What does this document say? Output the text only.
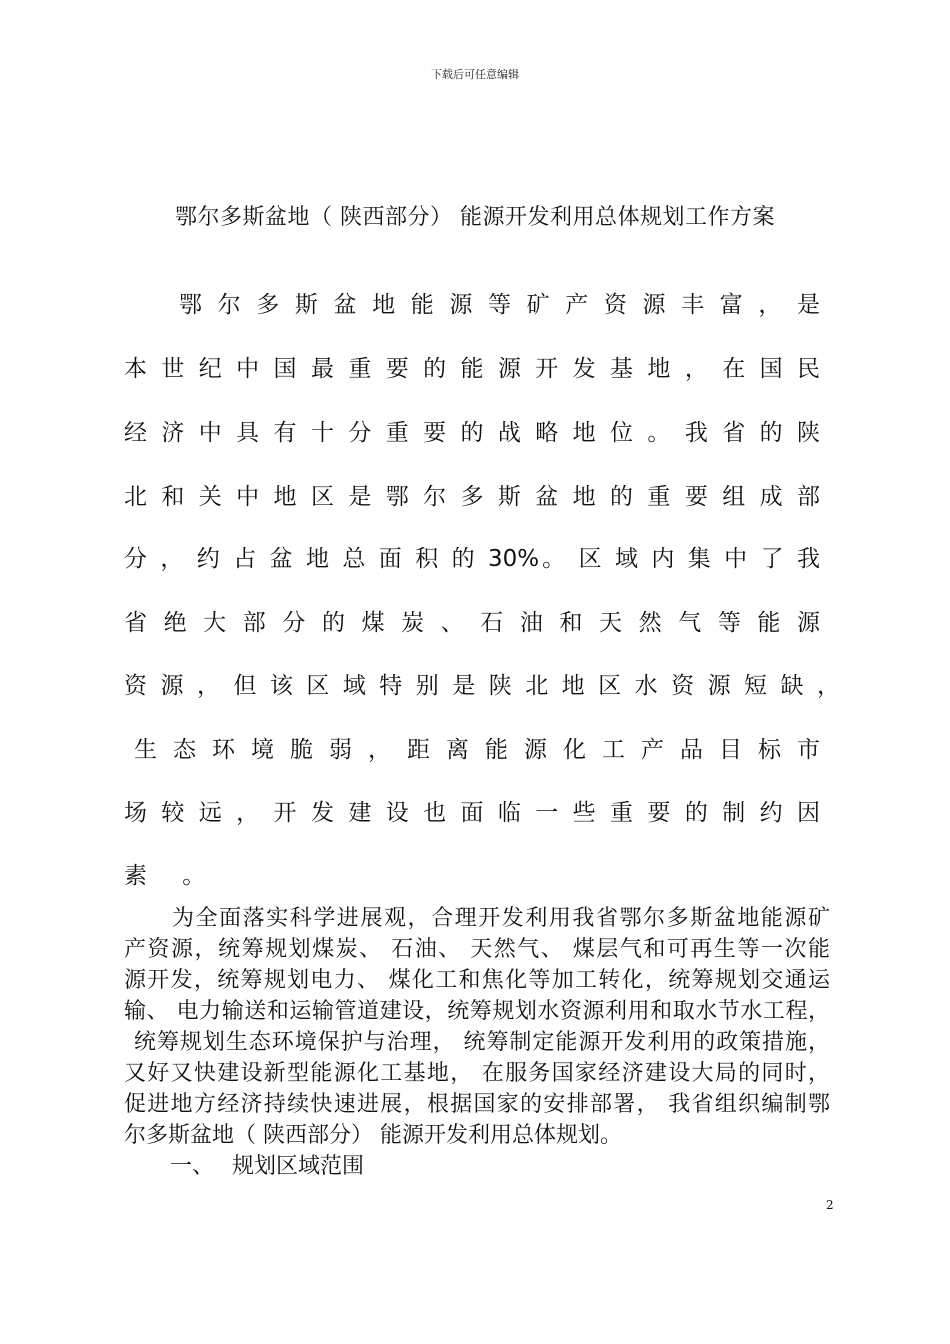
下载后可任意编辑
鄂尔多斯盆地（ 陕西部分） 能源开发利用总体规划工作方案

鄂 尔 多 斯 盆 地 能 源 等 矿 产 资 源 丰 富 ， 是

本 世 纪 中 国 最 重 要 的 能 源 开 发 基 地 ， 在 国 民

经 济 中 具 有 十 分 重 要 的 战 略 地 位 。 我 省 的 陕

北 和 关 中 地 区 是 鄂 尔 多 斯 盆 地 的 重 要 组 成 部

分 ， 约 占 盆 地 总 面 积 的 30%。 区 域 内 集 中 了 我

省 绝 大 部 分 的 煤 炭 、 石 油 和 天 然 气 等 能 源

资 源 ， 但 该 区 域 特 别 是 陕 北 地 区 水 资 源 短 缺 ，

生 态 环 境 脆 弱 ， 距 离 能 源 化 工 产 品 目 标 市

场 较 远 ， 开 发 建 设 也 面 临 一 些 重 要 的 制 约 因

素 。

为全面落实科学进展观，合理开发利用我省鄂尔多斯盆地能源矿

产资源，统筹规划煤炭、 石油、 天然气、 煤层气和可再生等一次能

源开发，统筹规划电力、 煤化工和焦化等加工转化，统筹规划交通运

输、 电力输送和运输管道建设，统筹规划水资源利用和取水节水工程，

统筹规划生态环境保护与治理， 统筹制定能源开发利用的政策措施，

又好又快建设新型能源化工基地， 在服务国家经济建设大局的同时，

促进地方经济持续快速进展，根据国家的安排部署， 我省组织编制鄂

尔多斯盆地（ 陕西部分） 能源开发利用总体规划。

一、 规划区域范围
2
